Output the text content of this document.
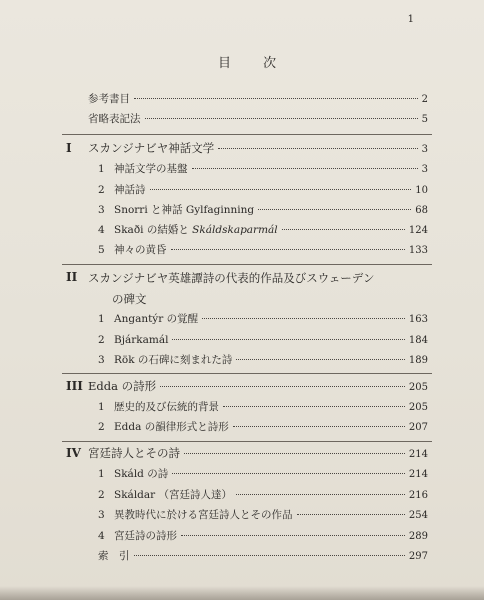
1
目 次
参考書目	2
省略表記法	5
I スカンジナビヤ神話文学	3
1 神話文学の基盤	3
2 神話詩	10
3 Snorri と神話 Gylfaginning	68
4 Skaði の結婚と Skáldskaparmál	124
5 神々の黄昏	133
II スカンジナビヤ英雄譚詩の代表的作品及びスウェーデン
の碑文
1 Angantýr の覚醒	163
2 Bjárkamál	184
3 Rök の石碑に刻まれた詩	189
III Edda の詩形	205
1 歴史的及び伝統的背景	205
2 Edda の韻律形式と詩形	207
IV 宮廷詩人とその詩	214
1 Skáld の詩	214
2 Skáldar （宮廷詩人達）	216
3 異教時代に於ける宮廷詩人とその作品	254
4 宮廷詩の詩形	289
索　引	297
